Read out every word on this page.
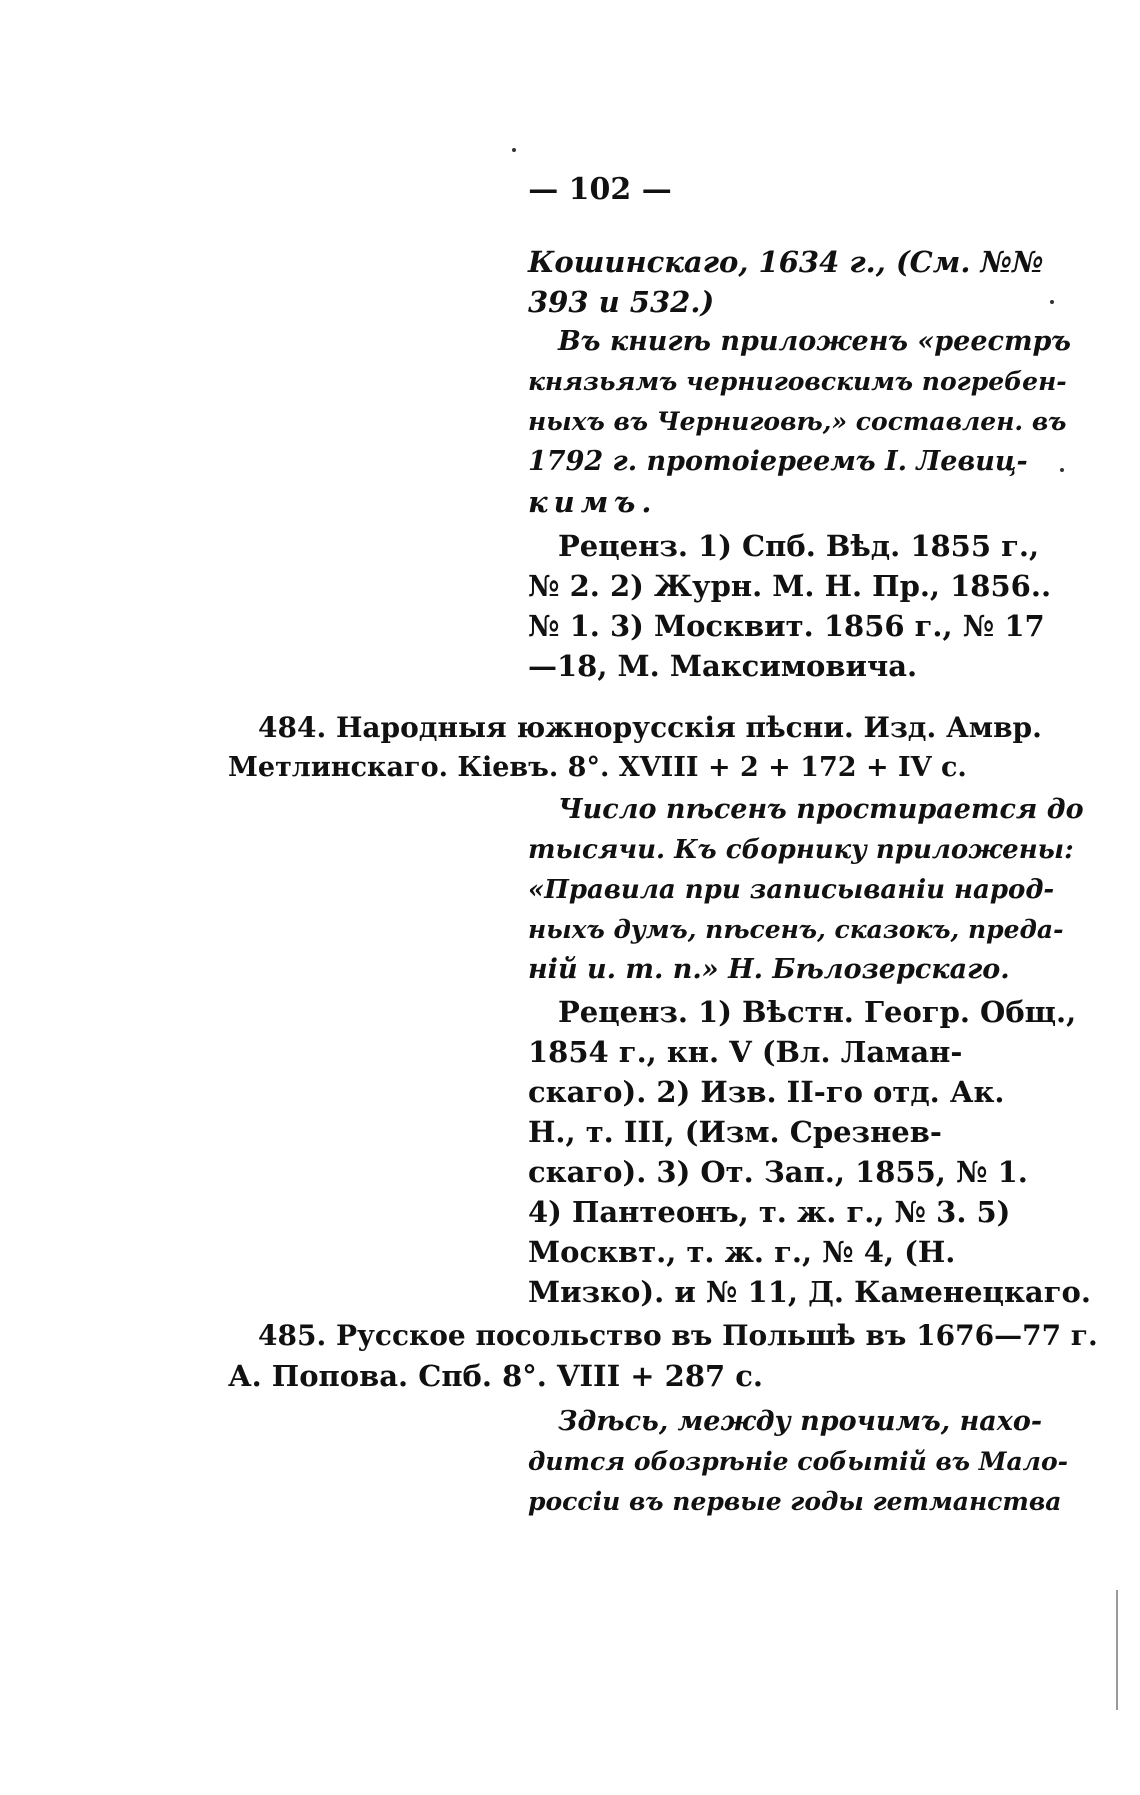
— 102 —
Кошинскаго, 1634 г., (См. №№
393 и 532.)
Въ книгѣ приложенъ «реестръ
князьямъ черниговскимъ погребен-
ныхъ въ Черниговѣ,» составлен. въ
1792 г. протоiереемъ I. Левиц-
кимъ.
Реценз. 1) Спб. Вѣд. 1855 г.,
№ 2. 2) Журн. М. Н. Пр., 1856..
№ 1. 3) Москвит. 1856 г., № 17
—18, М. Максимовича.
484. Народныя южнорусскія пѣсни. Изд. Амвр.
Метлинскаго. Кіевъ. 8°. XVIII + 2 + 172 + IV с.
Число пѣсенъ простирается до
тысячи. Къ сборнику приложены:
«Правила при записываніи народ-
ныхъ думъ, пѣсенъ, сказокъ, преда-
ній и. т. п.» Н. Бѣлозерскаго.
Реценз. 1) Вѣстн. Геогр. Общ.,
1854 г., кн. V (Вл. Ламан-
скаго). 2) Изв. II-го отд. Ак.
Н., т. III, (Изм. Срезнев-
скаго). 3) От. Зап., 1855, № 1.
4) Пантеонъ, т. ж. г., № 3. 5)
Москвт., т. ж. г., № 4, (Н.
Мизко). и № 11, Д. Каменецкаго.
485. Русское посольство въ Польшѣ въ 1676—77 г.
А. Попова. Спб. 8°. VIII + 287 с.
Здѣсь, между прочимъ, нахо-
дится обозрѣніе событій въ Мало-
россіи въ первые годы гетманства
